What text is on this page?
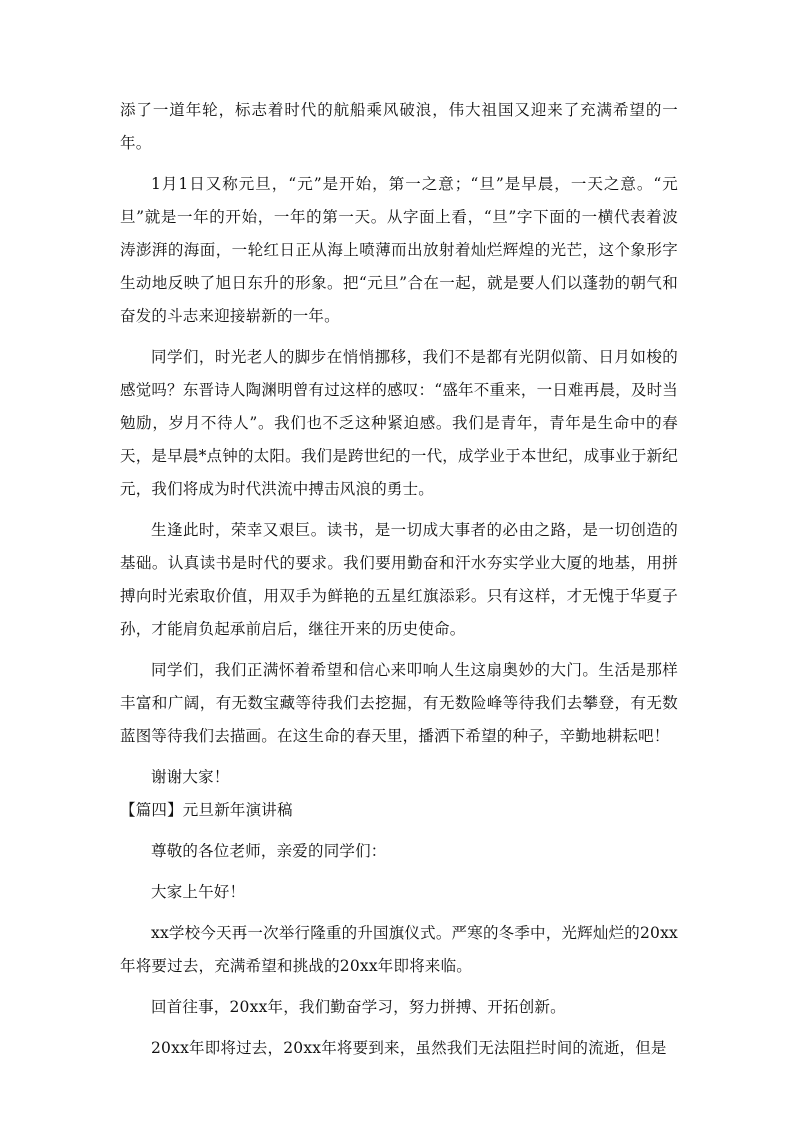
添了一道年轮，标志着时代的航船乘风破浪，伟大祖国又迎来了充满希望的一年。

1月1日又称元旦，“元”是开始，第一之意；“旦”是早晨，一天之意。“元旦”就是一年的开始，一年的第一天。从字面上看，“旦”字下面的一横代表着波涛澎湃的海面，一轮红日正从海上喷薄而出放射着灿烂辉煌的光芒，这个象形字生动地反映了旭日东升的形象。把“元旦”合在一起，就是要人们以蓬勃的朝气和奋发的斗志来迎接崭新的一年。

同学们，时光老人的脚步在悄悄挪移，我们不是都有光阴似箭、日月如梭的感觉吗？东晋诗人陶渊明曾有过这样的感叹：“盛年不重来，一日难再晨，及时当勉励，岁月不待人”。我们也不乏这种紧迫感。我们是青年，青年是生命中的春天，是早晨*点钟的太阳。我们是跨世纪的一代，成学业于本世纪，成事业于新纪元，我们将成为时代洪流中搏击风浪的勇士。

生逢此时，荣幸又艰巨。读书，是一切成大事者的必由之路，是一切创造的基础。认真读书是时代的要求。我们要用勤奋和汗水夯实学业大厦的地基，用拼搏向时光索取价值，用双手为鲜艳的五星红旗添彩。只有这样，才无愧于华夏子孙，才能肩负起承前启后，继往开来的历史使命。

同学们，我们正满怀着希望和信心来叩响人生这扇奥妙的大门。生活是那样丰富和广阔，有无数宝藏等待我们去挖掘，有无数险峰等待我们去攀登，有无数蓝图等待我们去描画。在这生命的春天里，播洒下希望的种子，辛勤地耕耘吧！

谢谢大家！

【篇四】元旦新年演讲稿

尊敬的各位老师，亲爱的同学们：

大家上午好！

xx学校今天再一次举行隆重的升国旗仪式。严寒的冬季中，光辉灿烂的20xx年将要过去，充满希望和挑战的20xx年即将来临。

回首往事，20xx年，我们勤奋学习，努力拼搏、开拓创新。

20xx年即将过去，20xx年将要到来，虽然我们无法阻拦时间的流逝，但是
